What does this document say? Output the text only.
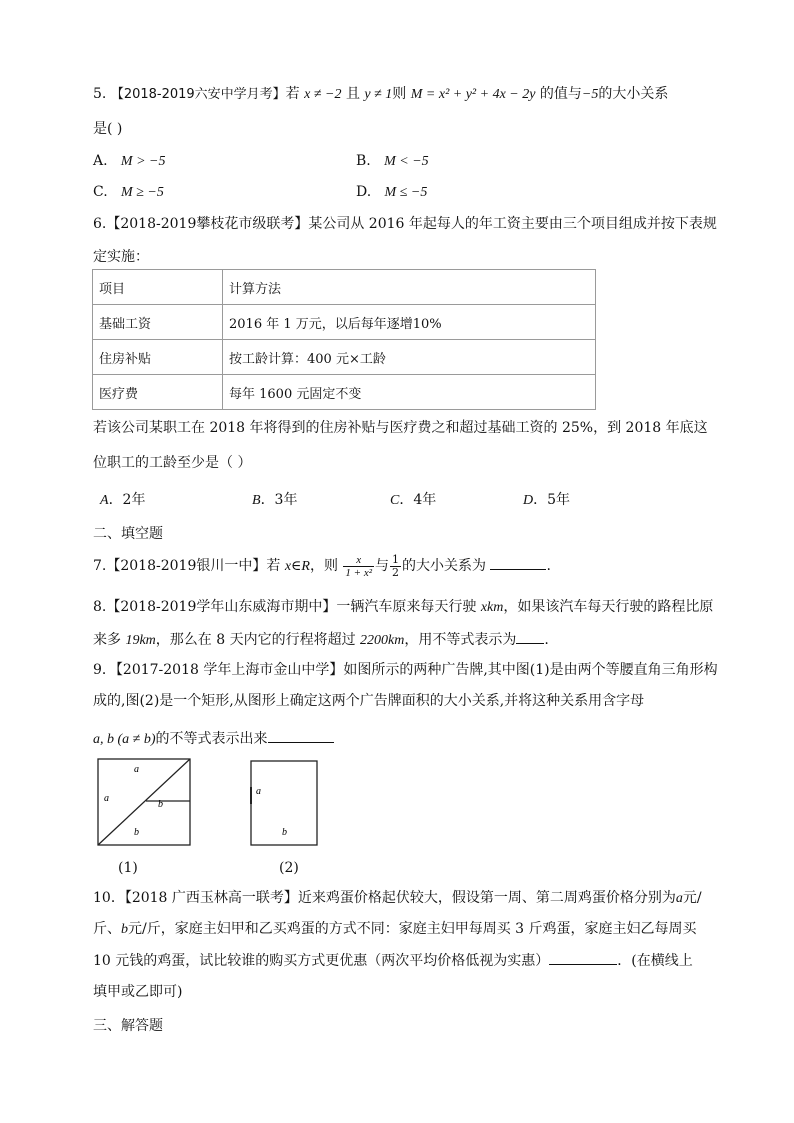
5. 【2018-2019六安中学月考】若 x ≠ −2 且 y ≠ 1则 M = x² + y² + 4x − 2y 的值与−5的大小关系
是( )
A. M > −5	B. M < −5
C. M ≥ −5	D. M ≤ −5
6.【2018-2019攀枝花市级联考】某公司从 2016 年起每人的年工资主要由三个项目组成并按下表规
定实施：
项目	计算方法
基础工资	2016 年 1 万元，以后每年逐增10%
住房补贴	按工龄计算：400 元×工龄
医疗费	每年 1600 元固定不变
若该公司某职工在 2018 年将得到的住房补贴与医疗费之和超过基础工资的 25%，到 2018 年底这
位职工的工龄至少是（ ）
A．2年	B．3年	C．4年	D．5年
二、填空题
7.【2018-2019银川一中】若 x∈R，则 $\frac{x}{\text{1 + x²}}$ 与 $\frac{1}{2}$ 的大小关系为	.
8.【2018-2019学年山东威海市期中】一辆汽车原来每天行驶 xkm，如果该汽车每天行驶的路程比原
来多 19km，那么在 8 天内它的行程将超过 2200km，用不等式表示为 .
9．【2017-2018 学年上海市金山中学】如图所示的两种广告牌,其中图(1)是由两个等腰直角三角形构
成的,图(2)是一个矩形,从图形上确定这两个广告牌面积的大小关系,并将这种关系用含字母
a, b (a ≠ b)的不等式表示出来
a
a
b
b
(1)
a
b
(2)
10．【2018 广西玉林高一联考】近来鸡蛋价格起伏较大，假设第一周、第二周鸡蛋价格分别为a元/
斤、b元/斤，家庭主妇甲和乙买鸡蛋的方式不同：家庭主妇甲每周买 3 斤鸡蛋，家庭主妇乙每周买
10 元钱的鸡蛋，试比较谁的购买方式更优惠（两次平均价格低视为实惠）	．(在横线上
填甲或乙即可)
三、解答题
